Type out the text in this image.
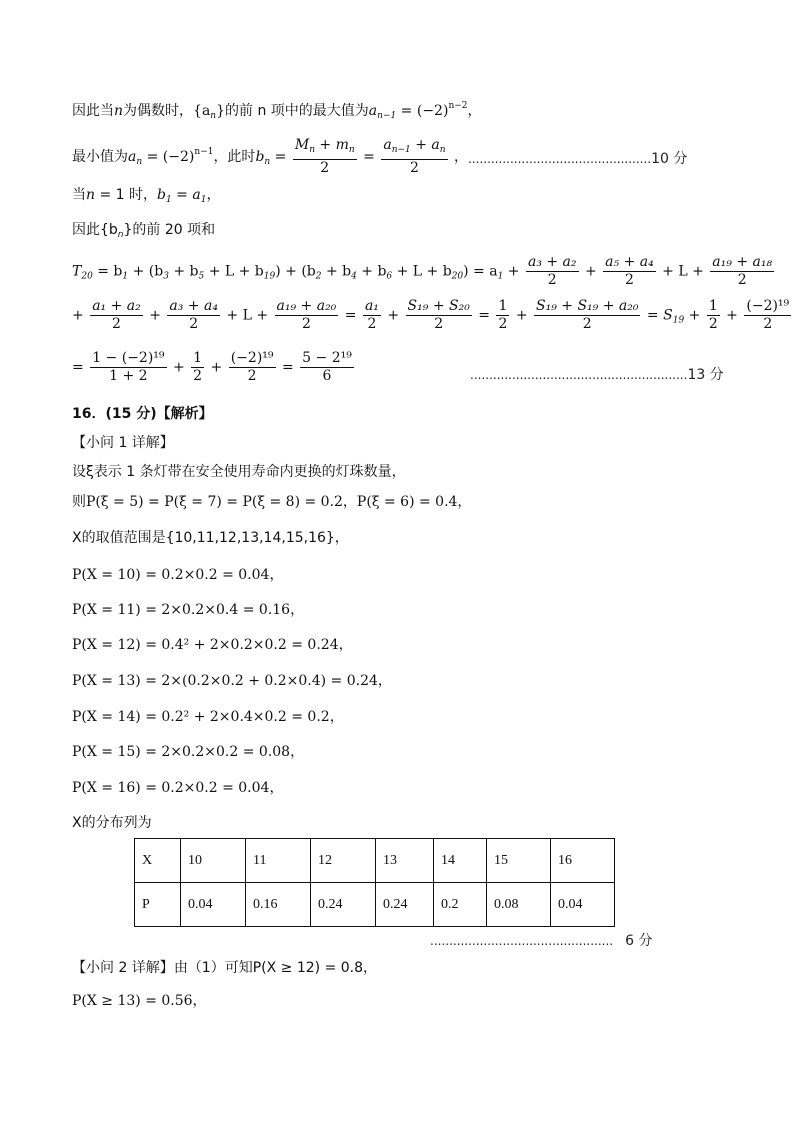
因此当n为偶数时，$\{a_n\}$的前 n 项中的最大值为$a_{n-1} = (-2)^{n-2}$，
最小值为$a_n = (-2)^{n-1}$，此时$b_n = \frac{M_n + m_n}{2} = \frac{a_{n-1} + a_n}{2}$ ， ................................................10 分
当n = 1 时，$b_1 = a_1$，
因此$\{b_n\}$的前 20 项和
$T_{20} = b_1 + (b_3 + b_5 + L + b_{19}) + (b_2 + b_4 + b_6 + L + b_{20}) = a_1 + \frac{\text{a₃ + a₂}}{2} + \frac{\text{a₅ + a₄}}{2} + L + \frac{\text{a₁₉ + a₁₈}}{2}$
+ $\frac{\text{a₁ + a₂}}{2} + \frac{\text{a₃ + a₄}}{2} + L + \frac{\text{a₁₉ + a₂₀}}{2} = \frac{\text{a₁}}{2} + \frac{\text{S₁₉ + S₂₀}}{2} = \frac{1}{2} + \frac{\text{S₁₉ + S₁₉ + a₂₀}}{2} = S_{19} + \frac{1}{2} + \frac{\text{(−2)¹⁹}}{2}$
= $\frac{\text{1 − (−2)¹⁹}}{1 + 2} + \frac{1}{2} + \frac{\text{(−2)¹⁹}}{2} = \frac{\text{5 − 2¹⁹}}{6}$	.........................................................13 分
16．(15 分)【解析】
【小问 1 详解】
设ξ表示 1 条灯带在安全使用寿命内更换的灯珠数量，
则P(ξ = 5) = P(ξ = 7) = P(ξ = 8) = 0.2，P(ξ = 6) = 0.4，
X的取值范围是{10,11,12,13,14,15,16}，
P(X = 10) = 0.2×0.2 = 0.04，
P(X = 11) = 2×0.2×0.4 = 0.16，
P(X = 12) = 0.4² + 2×0.2×0.2 = 0.24，
P(X = 13) = 2×(0.2×0.2 + 0.2×0.4) = 0.24，
P(X = 14) = 0.2² + 2×0.4×0.2 = 0.2，
P(X = 15) = 2×0.2×0.2 = 0.08，
P(X = 16) = 0.2×0.2 = 0.04，
X的分布列为
X	10	11	12	13	14	15	16
P	0.04	0.16	0.24	0.24	0.2	0.08	0.04
................................................ 6 分
【小问 2 详解】由（1）可知P(X ≥ 12) = 0.8，
P(X ≥ 13) = 0.56，
